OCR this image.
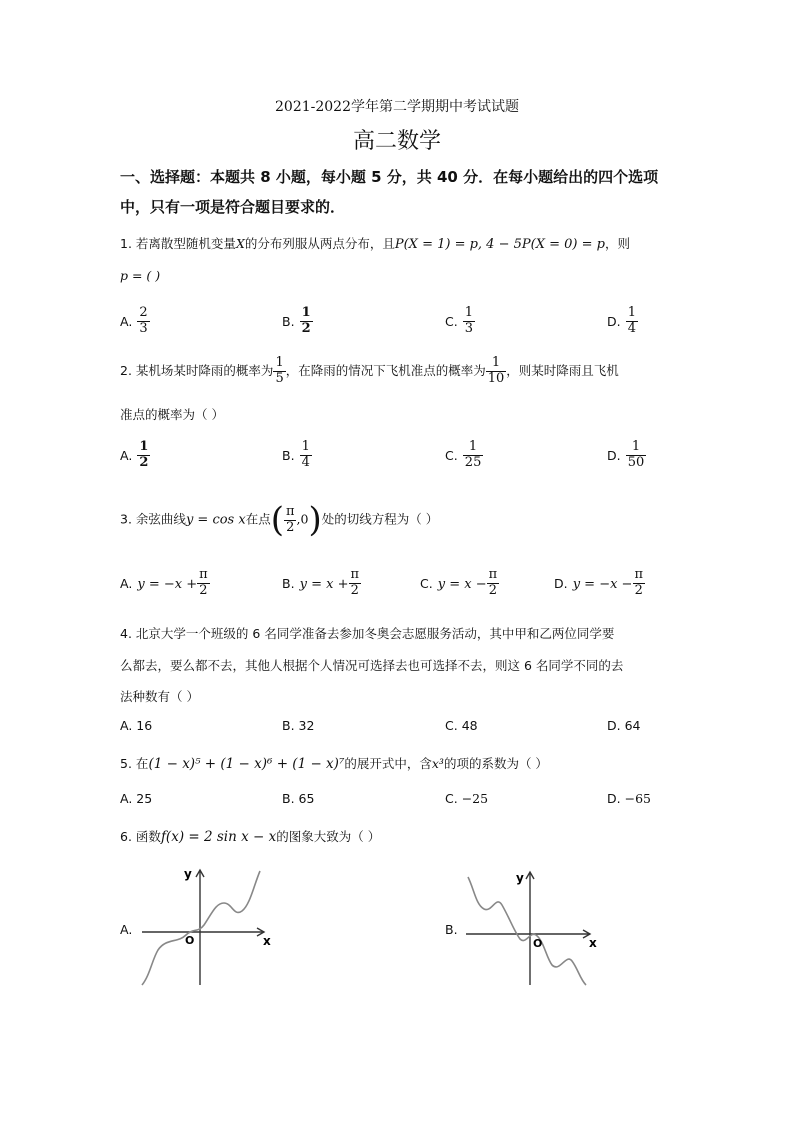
2021-2022学年第二学期期中考试试题
高二数学
一、选择题：本题共 8 小题，每小题 5 分，共 40 分．在每小题给出的四个选项
中，只有一项是符合题目要求的．
1. 若离散型随机变量X的分布列服从两点分布，且P(X = 1) = p, 4 − 5P(X = 0) = p，则
p = ( )
A. $\frac{2}{3}$	B. $\frac{1}{2}$	C. $\frac{1}{3}$	D. $\frac{1}{4}$
2. 某机场某时降雨的概率为 $\frac{1}{5}$ ，在降雨的情况下飞机准点的概率为 $\frac{1}{10}$ ，则某时降雨且飞机
准点的概率为（ ）
A. $\frac{1}{2}$	B. $\frac{1}{4}$	C. $\frac{1}{25}$	D. $\frac{1}{50}$
3. 余弦曲线y = cos x在点( $\frac{\pi}{2} ,0$)处的切线方程为（ ）
A. $y = -x + \frac{\pi}{2}$	B. $y = x + \frac{\pi}{2}$	C. $y = x - \frac{\pi}{2}$	D. $y = -x - \frac{\pi}{2}$
4. 北京大学一个班级的 6 名同学准备去参加冬奥会志愿服务活动，其中甲和乙两位同学要
么都去，要么都不去，其他人根据个人情况可选择去也可选择不去，则这 6 名同学不同的去
法种数有（ ）
A. 16	B. 32	C. 48	D. 64
5. 在(1 − x)⁵ + (1 − x)⁶ + (1 − x)⁷的展开式中，含x³的项的系数为（ ）
A. 25	B. 65	C. −25	D. −65
6. 函数f(x) = 2 sin x − x的图象大致为（ ）
A.
y
x
O
B.
y
x
O
